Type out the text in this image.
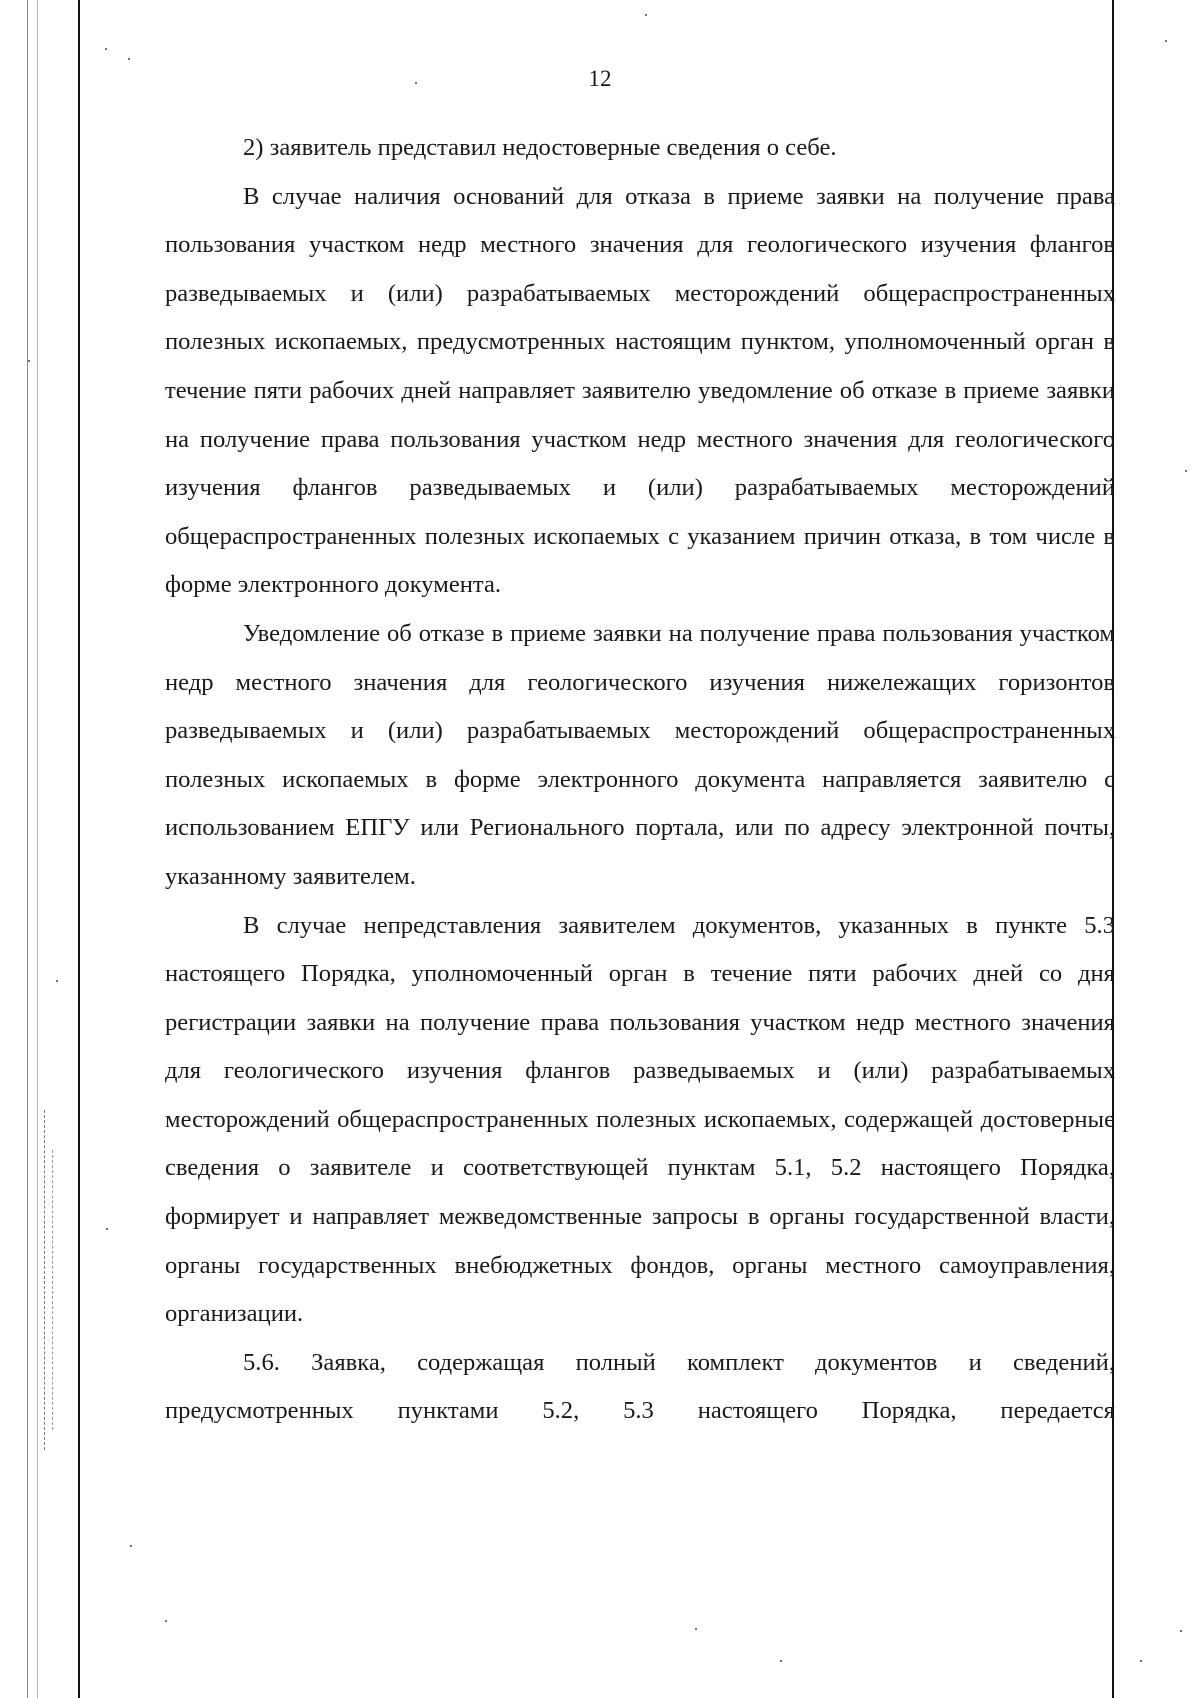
12

2) заявитель представил недостоверные сведения о себе.

В случае наличия оснований для отказа в приеме заявки на получение права пользования участком недр местного значения для геологического изучения флангов разведываемых и (или) разрабатываемых месторождений общераспространенных полезных ископаемых, предусмотренных настоящим пунктом, уполномоченный орган в течение пяти рабочих дней направляет заявителю уведомление об отказе в приеме заявки на получение права пользования участком недр местного значения для геологического изучения флангов разведываемых и (или) разрабатываемых месторождений общераспространенных полезных ископаемых с указанием причин отказа, в том числе в форме электронного документа.

Уведомление об отказе в приеме заявки на получение права пользования участком недр местного значения для геологического изучения нижележащих горизонтов разведываемых и (или) разрабатываемых месторождений общераспространенных полезных ископаемых в форме электронного документа направляется заявителю с использованием ЕПГУ или Регионального портала, или по адресу электронной почты, указанному заявителем.

В случае непредставления заявителем документов, указанных в пункте 5.3 настоящего Порядка, уполномоченный орган в течение пяти рабочих дней со дня регистрации заявки на получение права пользования участком недр местного значения для геологического изучения флангов разведываемых и (или) разрабатываемых месторождений общераспространенных полезных ископаемых, содержащей достоверные сведения о заявителе и соответствующей пунктам 5.1, 5.2 настоящего Порядка, формирует и направляет межведомственные запросы в органы государственной власти, органы государственных внебюджетных фондов, органы местного самоуправления, организации.

5.6. Заявка, содержащая полный комплект документов и сведений, предусмотренных пунктами 5.2, 5.3 настоящего Порядка, передается
